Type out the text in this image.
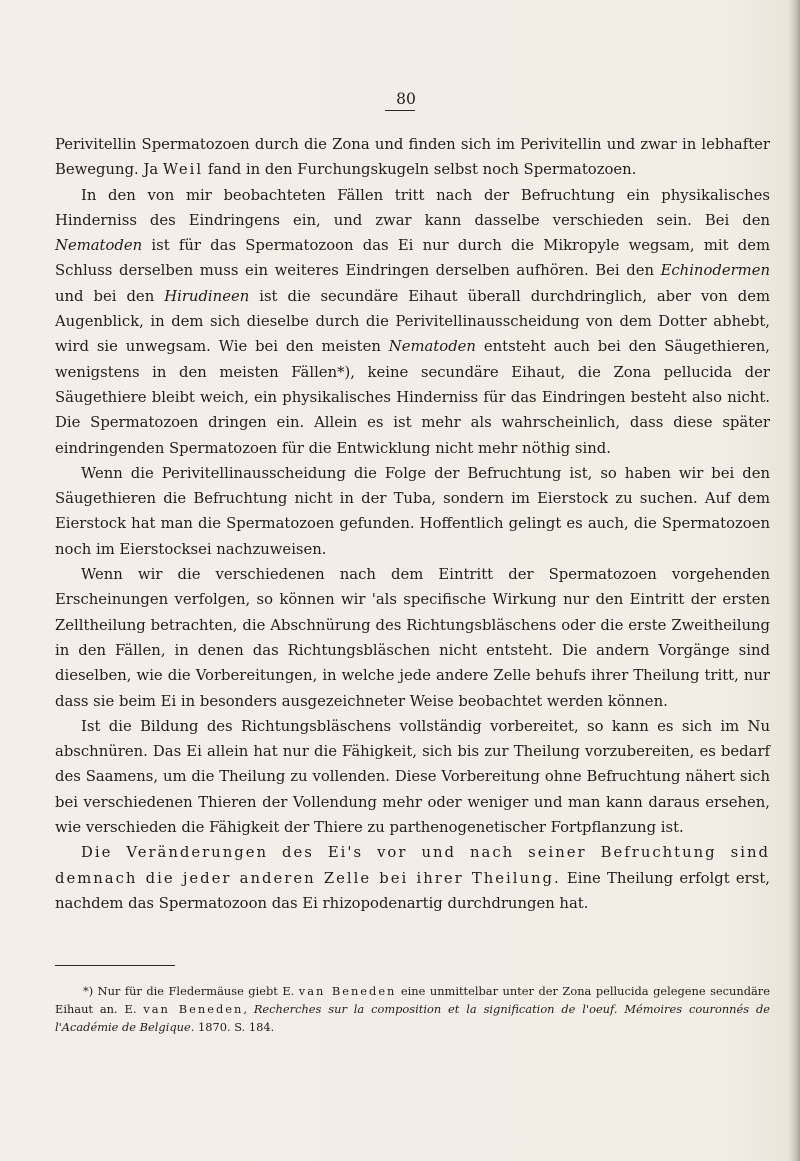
80

Perivitellin Spermatozoen durch die Zona und finden sich im Perivitellin und zwar in lebhafter Bewegung. Ja Weil fand in den Furchungskugeln selbst noch Spermatozoen.

In den von mir beobachteten Fällen tritt nach der Befruchtung ein physikalisches Hinderniss des Eindringens ein, und zwar kann dasselbe verschieden sein. Bei den Nematoden ist für das Spermatozoon das Ei nur durch die Mikropyle wegsam, mit dem Schluss derselben muss ein weiteres Eindringen derselben aufhören. Bei den Echinodermen und bei den Hirudineen ist die secundäre Eihaut überall durchdringlich, aber von dem Augenblick, in dem sich dieselbe durch die Perivitellinausscheidung von dem Dotter abhebt, wird sie unwegsam. Wie bei den meisten Nematoden entsteht auch bei den Säugethieren, wenigstens in den meisten Fällen*), keine secundäre Eihaut, die Zona pellucida der Säugethiere bleibt weich, ein physikalisches Hinderniss für das Eindringen besteht also nicht. Die Spermatozoen dringen ein. Allein es ist mehr als wahrscheinlich, dass diese später eindringenden Spermatozoen für die Entwicklung nicht mehr nöthig sind.

Wenn die Perivitellinausscheidung die Folge der Befruchtung ist, so haben wir bei den Säugethieren die Befruchtung nicht in der Tuba, sondern im Eierstock zu suchen. Auf dem Eierstock hat man die Spermatozoen gefunden. Hoffentlich gelingt es auch, die Spermatozoen noch im Eierstocksei nachzuweisen.

Wenn wir die verschiedenen nach dem Eintritt der Spermatozoen vorgehenden Erscheinungen verfolgen, so können wir 'als specifische Wirkung nur den Eintritt der ersten Zelltheilung betrachten, die Abschnürung des Richtungsbläschens oder die erste Zweitheilung in den Fällen, in denen das Richtungsbläschen nicht entsteht. Die andern Vorgänge sind dieselben, wie die Vorbereitungen, in welche jede andere Zelle behufs ihrer Theilung tritt, nur dass sie beim Ei in besonders ausgezeichneter Weise beobachtet werden können.

Ist die Bildung des Richtungsbläschens vollständig vorbereitet, so kann es sich im Nu abschnüren. Das Ei allein hat nur die Fähigkeit, sich bis zur Theilung vorzubereiten, es bedarf des Saamens, um die Theilung zu vollenden. Diese Vorbereitung ohne Befruchtung nähert sich bei verschiedenen Thieren der Vollendung mehr oder weniger und man kann daraus ersehen, wie verschieden die Fähigkeit der Thiere zu parthenogenetischer Fortpflanzung ist.

Die Veränderungen des Ei's vor und nach seiner Befruchtung sind demnach die jeder anderen Zelle bei ihrer Theilung. Eine Theilung erfolgt erst, nachdem das Spermatozoon das Ei rhizopodenartig durchdrungen hat.

*) Nur für die Fledermäuse giebt E. van Beneden eine unmittelbar unter der Zona pellucida gelegene secundäre Eihaut an. E. van Beneden, Recherches sur la composition et la signification de l'oeuf. Mémoires couronnés de l'Académie de Belgique. 1870. S. 184.
